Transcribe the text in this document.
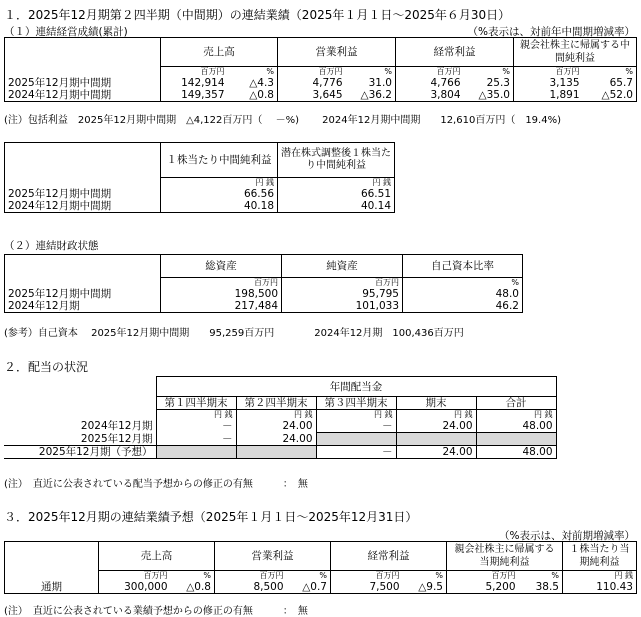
１．2025年12月期第２四半期（中間期）の連結業績（2025年１月１日～2025年６月30日）
（１）連結経営成績(累計)	（%表示は、対前年中間期増減率）
	売上高		営業利益		経常利益		親会社株主に帰属する中間純利益	
	百万円	%	百万円	%	百万円	%	百万円	%
2025年12月期中間期	142,914	△4.3	4,776	31.0	4,766	25.3	3,135	65.7
2024年12月期中間期	149,357	△0.8	3,645	△36.2	3,804	△35.0	1,891	△52.0
(注）包括利益　2025年12月期中間期　△4,122百万円（　 －%)　　 2024年12月期中間期　　12,610百万円（　19.4%)
	１株当たり中間純利益	潜在株式調整後１株当たり中間純利益
	円 銭	円 銭
2025年12月期中間期	66.56	66.51
2024年12月期中間期	40.18	40.14
（２）連結財政状態
	総資産	純資産	自己資本比率
	百万円	百万円	%
2025年12月期中間期	198,500	95,795	48.0
2024年12月期	217,484	101,033	46.2
(参考）自己資本　 2025年12月期中間期　　95,259百万円　　　　2024年12月期　100,436百万円
２．配当の状況
	年間配当金				
	第１四半期末	第２四半期末	第３四半期末	期末	合計
	円 銭	円 銭	円 銭	円 銭	円 銭
2024年12月期	－	24.00	－	24.00	48.00
2025年12月期	－	24.00			
2025年12月期（予想）			－	24.00	48.00
(注）　直近に公表されている配当予想からの修正の有無　　　：　無
３．2025年12月期の連結業績予想（2025年１月１日～2025年12月31日）
（%表示は、対前期増減率）
	売上高		営業利益		経常利益		親会社株主に帰属する当期純利益		１株当たり当期純利益
	百万円	%	百万円	%	百万円	%	百万円	%	円 銭
通期	300,000	△0.8	8,500	△0.7	7,500	△9.5	5,200	38.5	110.43
(注）　直近に公表されている業績予想からの修正の有無　　　：　無
